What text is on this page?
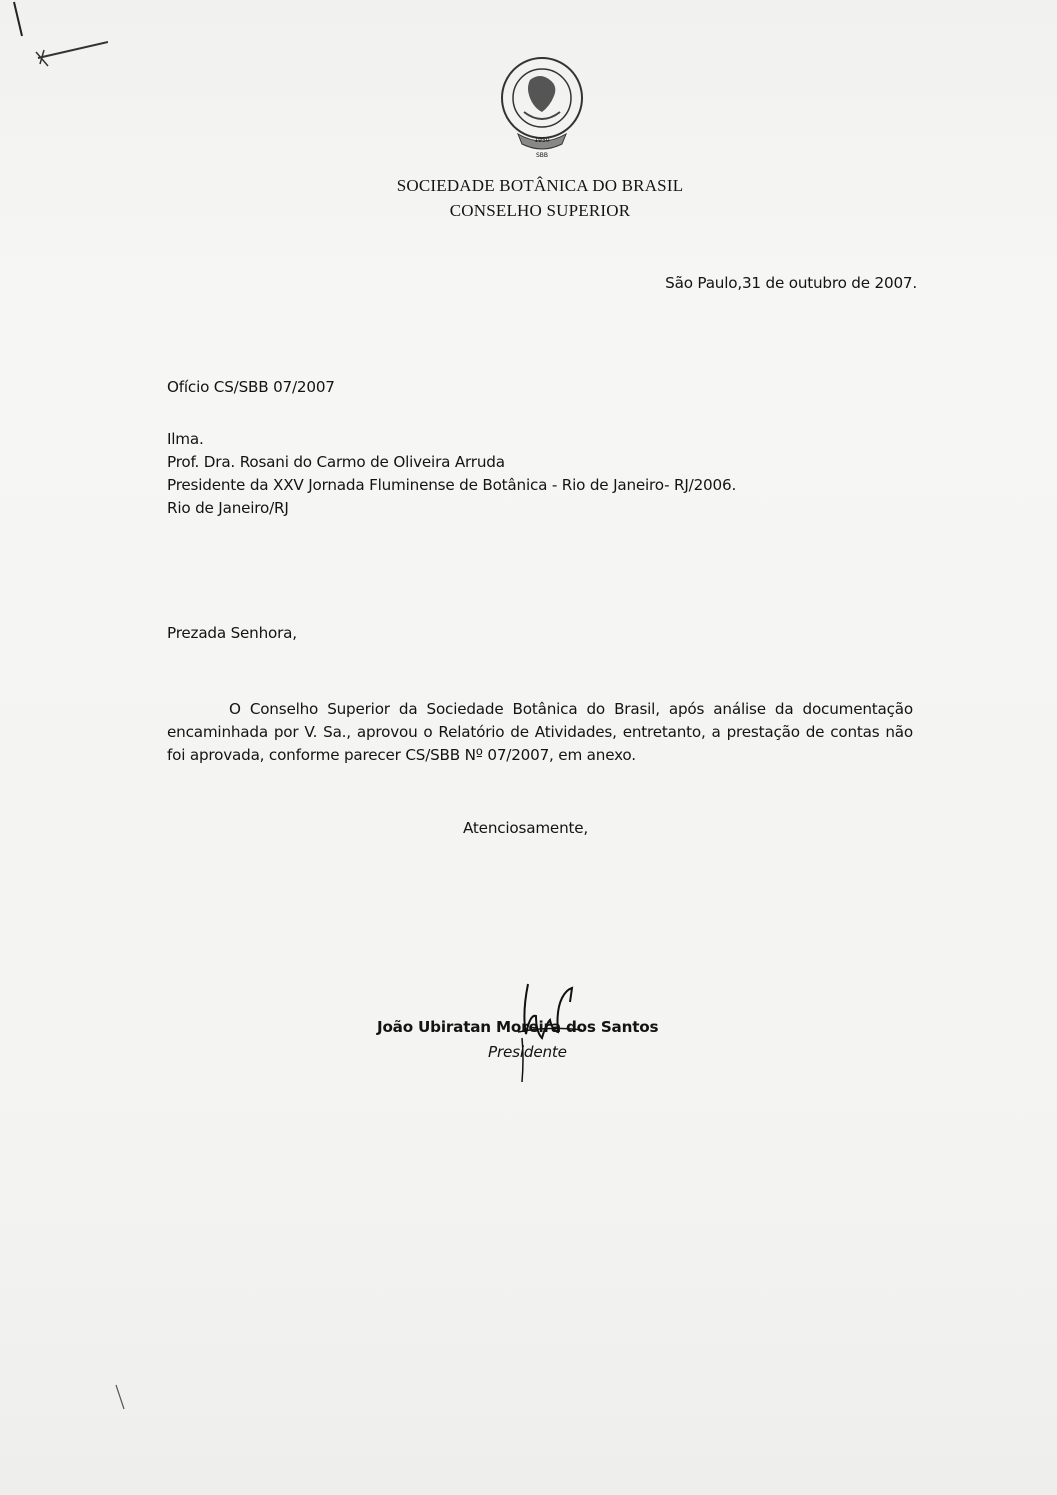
1950
SBB
SOCIEDADE BOTÂNICA DO BRASIL
CONSELHO SUPERIOR
São Paulo,31 de outubro de 2007.
Ofício CS/SBB 07/2007
Ilma.
Prof. Dra. Rosani do Carmo de Oliveira Arruda
Presidente da XXV Jornada Fluminense de Botânica - Rio de Janeiro- RJ/2006.
Rio de Janeiro/RJ
Prezada Senhora,
O Conselho Superior da Sociedade Botânica do Brasil, após análise da documentação encaminhada por V. Sa., aprovou o Relatório de Atividades, entretanto, a prestação de contas não foi aprovada, conforme parecer CS/SBB Nº 07/2007, em anexo.
Atenciosamente,
João Ubiratan Moreira dos Santos
Presidente
